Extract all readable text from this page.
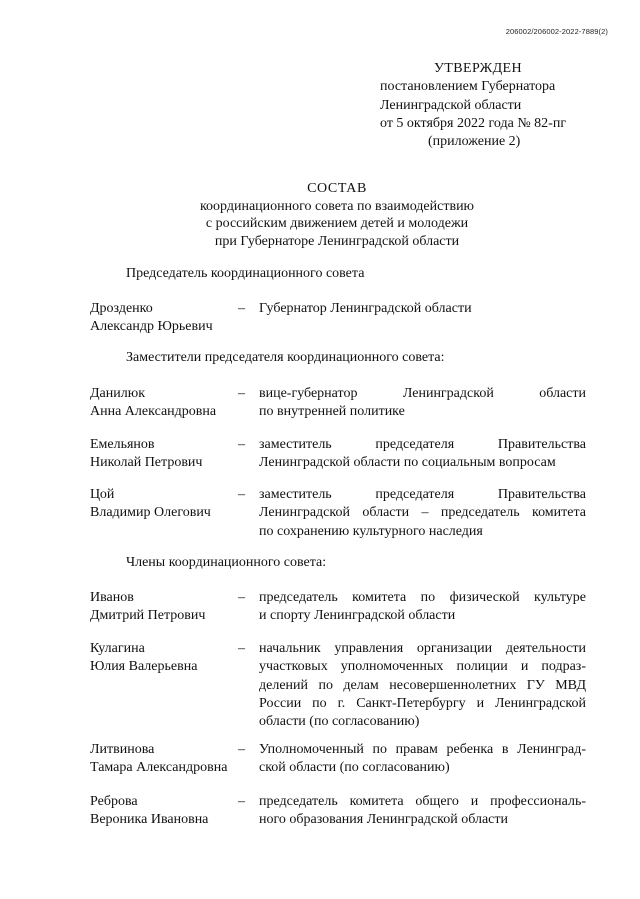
206002/206002-2022-7889(2)
УТВЕРЖДЕН
постановлением Губернатора
Ленинградской области
от 5 октября 2022 года № 82-пг
(приложение 2)
СОСТАВ
координационного совета по взаимодействию
с российским движением детей и молодежи
при Губернаторе Ленинградской области
Председатель координационного совета
Дрозденко
Александр Юрьевич
– Губернатор Ленинградской области
Заместители председателя координационного совета:
Данилюк
Анна Александровна
– вице-губернатор Ленинградской области
по внутренней политике
Емельянов
Николай Петрович
– заместитель председателя Правительства
Ленинградской области по социальным вопросам
Цой
Владимир Олегович
– заместитель председателя Правительства
Ленинградской области – председатель комитета
по сохранению культурного наследия
Члены координационного совета:
Иванов
Дмитрий Петрович
– председатель комитета по физической культуре
и спорту Ленинградской области
Кулагина
Юлия Валерьевна
– начальник управления организации деятельности
участковых уполномоченных полиции и подраз-
делений по делам несовершеннолетних ГУ МВД
России по г. Санкт-Петербургу и Ленинградской
области (по согласованию)
Литвинова
Тамара Александровна
– Уполномоченный по правам ребенка в Ленинград-
ской области (по согласованию)
Реброва
Вероника Ивановна
– председатель комитета общего и профессиональ-
ного образования Ленинградской области
